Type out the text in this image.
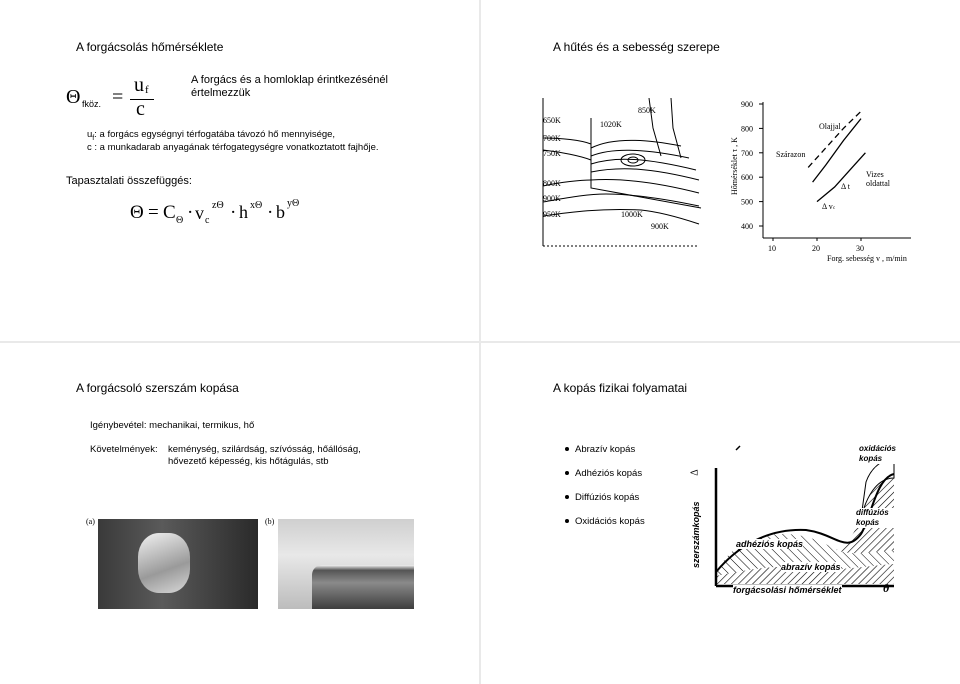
A forgácsolás hőmérséklete
Θ fköz. =
u f
c
A forgács és a homloklap érintkezésénél
értelmezzük
$u_f$: a forgács egységnyi térfogatába távozó hő mennyisége,
c : a munkadarab anyagának térfogategységre vonatkoztatott fajhője.
Tapasztalati összefüggés:
Θ = C Θ · v c
zΘ · h xΘ · b yΘ
A hűtés és a sebesség szerepe
650K
700K
750K
800K
900K
950K
1020K
850K
1000K
900K
900
800
700
600
500
400
10	20	30
Hőmérséklet τ , K
Forg. sebesség v , m/min
Olajjal
Szárazon
Vizes
oldattal
Δ t
Δ v c
A forgácsoló szerszám kopása
Igénybevétel: mechanikai, termikus, hő
Követelmények: keménység, szilárdság, szívósság, hőállóság,
hővezető képesség, kis hőtágulás, stb
(a)	(b)
A kopás fizikai folyamatai
Abrazív kopás
Adhéziós kopás
Diffúziós kopás
Oxidációs kopás	szerszámkopás
Δ
forgácsolási hőmérséklet	θ
oxidációs kopás
diffúziós kopás
adhéziós kopás
abrazív kopás
